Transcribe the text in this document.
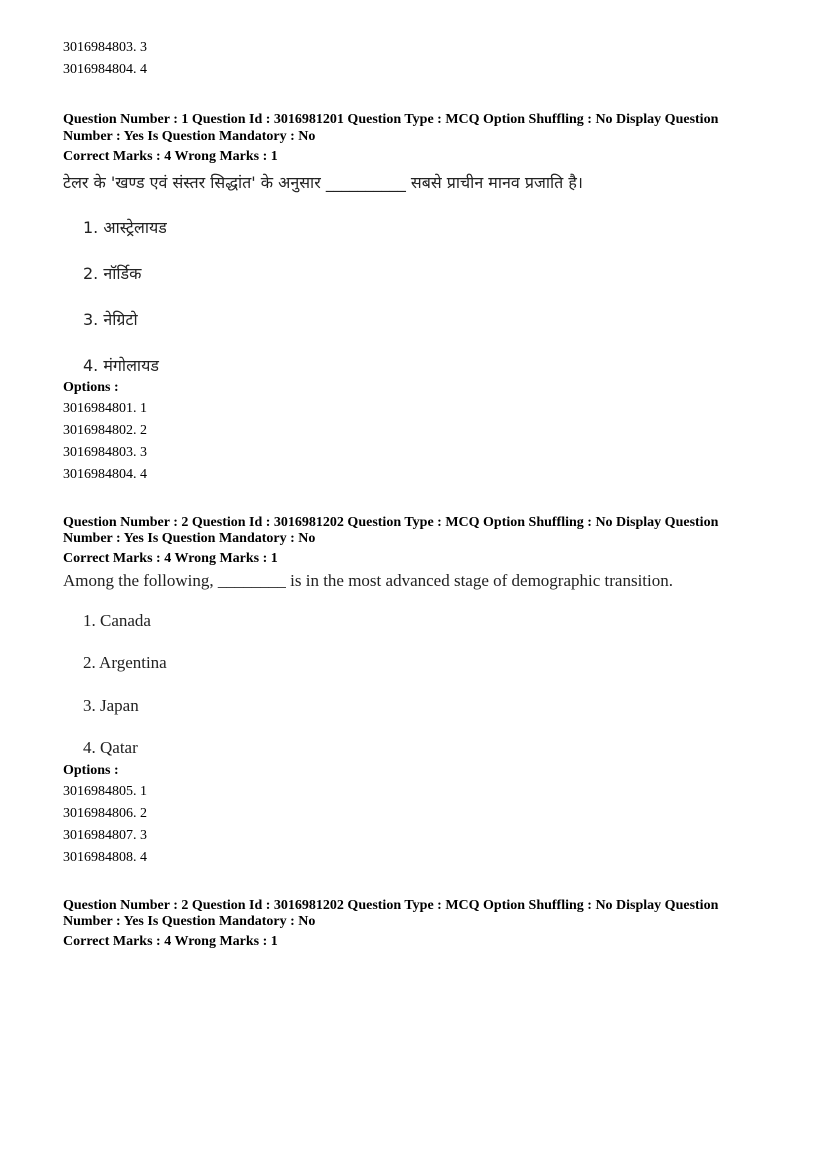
3016984803. 3
3016984804. 4
Question Number : 1 Question Id : 3016981201 Question Type : MCQ Option Shuffling : No Display Question
Number : Yes Is Question Mandatory : No
Correct Marks : 4 Wrong Marks : 1
टेलर के 'खण्ड एवं संस्तर सिद्धांत' के अनुसार __________ सबसे प्राचीन मानव प्रजाति है।
1. आस्ट्रेलायड
2. नॉर्डिक
3. नेग्रिटो
4. मंगोलायड
Options :
3016984801. 1
3016984802. 2
3016984803. 3
3016984804. 4
Question Number : 2 Question Id : 3016981202 Question Type : MCQ Option Shuffling : No Display Question
Number : Yes Is Question Mandatory : No
Correct Marks : 4 Wrong Marks : 1
Among the following, ________ is in the most advanced stage of demographic transition.
1. Canada
2. Argentina
3. Japan
4. Qatar
Options :
3016984805. 1
3016984806. 2
3016984807. 3
3016984808. 4
Question Number : 2 Question Id : 3016981202 Question Type : MCQ Option Shuffling : No Display Question
Number : Yes Is Question Mandatory : No
Correct Marks : 4 Wrong Marks : 1
